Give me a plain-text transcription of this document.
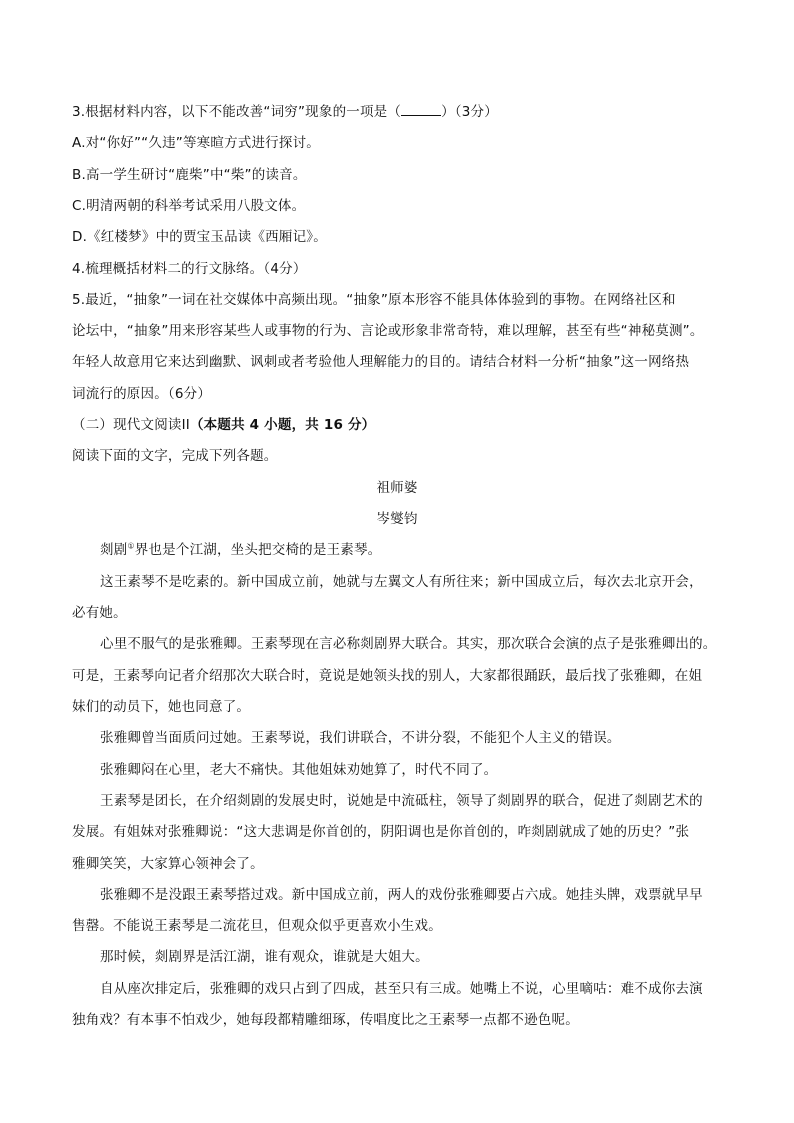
3.根据材料内容，以下不能改善“词穷”现象的一项是（	）（3分）
A.对“你好”“久违”等寒暄方式进行探讨。
B.高一学生研讨“鹿柴”中“柴”的读音。
C.明清两朝的科举考试采用八股文体。
D.《红楼梦》中的贾宝玉品读《西厢记》。
4.梳理概括材料二的行文脉络。（4分）
5.最近，“抽象”一词在社交媒体中高频出现。“抽象”原本形容不能具体体验到的事物。在网络社区和
论坛中，“抽象”用来形容某些人或事物的行为、言论或形象非常奇特，难以理解，甚至有些“神秘莫测”。
年轻人故意用它来达到幽默、讽刺或者考验他人理解能力的目的。请结合材料一分析“抽象”这一网络热
词流行的原因。（6分）
（二）现代文阅读II（本题共 4 小题，共 16 分）
阅读下面的文字，完成下列各题。
祖师婆
岑燮钧
剡剧①界也是个江湖，坐头把交椅的是王素琴。
这王素琴不是吃素的。新中国成立前，她就与左翼文人有所往来；新中国成立后，每次去北京开会，
必有她。
心里不服气的是张雅卿。王素琴现在言必称剡剧界大联合。其实，那次联合会演的点子是张雅卿出的。
可是，王素琴向记者介绍那次大联合时，竟说是她领头找的别人，大家都很踊跃，最后找了张雅卿，在姐
妹们的动员下，她也同意了。
张雅卿曾当面质问过她。王素琴说，我们讲联合，不讲分裂，不能犯个人主义的错误。
张雅卿闷在心里，老大不痛快。其他姐妹劝她算了，时代不同了。
王素琴是团长，在介绍剡剧的发展史时，说她是中流砥柱，领导了剡剧界的联合，促进了剡剧艺术的
发展。有姐妹对张雅卿说：“这大悲调是你首创的，阴阳调也是你首创的，咋剡剧就成了她的历史？”张
雅卿笑笑，大家算心领神会了。
张雅卿不是没跟王素琴搭过戏。新中国成立前，两人的戏份张雅卿要占六成。她挂头牌，戏票就早早
售罄。不能说王素琴是二流花旦，但观众似乎更喜欢小生戏。
那时候，剡剧界是活江湖，谁有观众，谁就是大姐大。
自从座次排定后，张雅卿的戏只占到了四成，甚至只有三成。她嘴上不说，心里嘀咕：难不成你去演
独角戏？有本事不怕戏少，她每段都精雕细琢，传唱度比之王素琴一点都不逊色呢。
